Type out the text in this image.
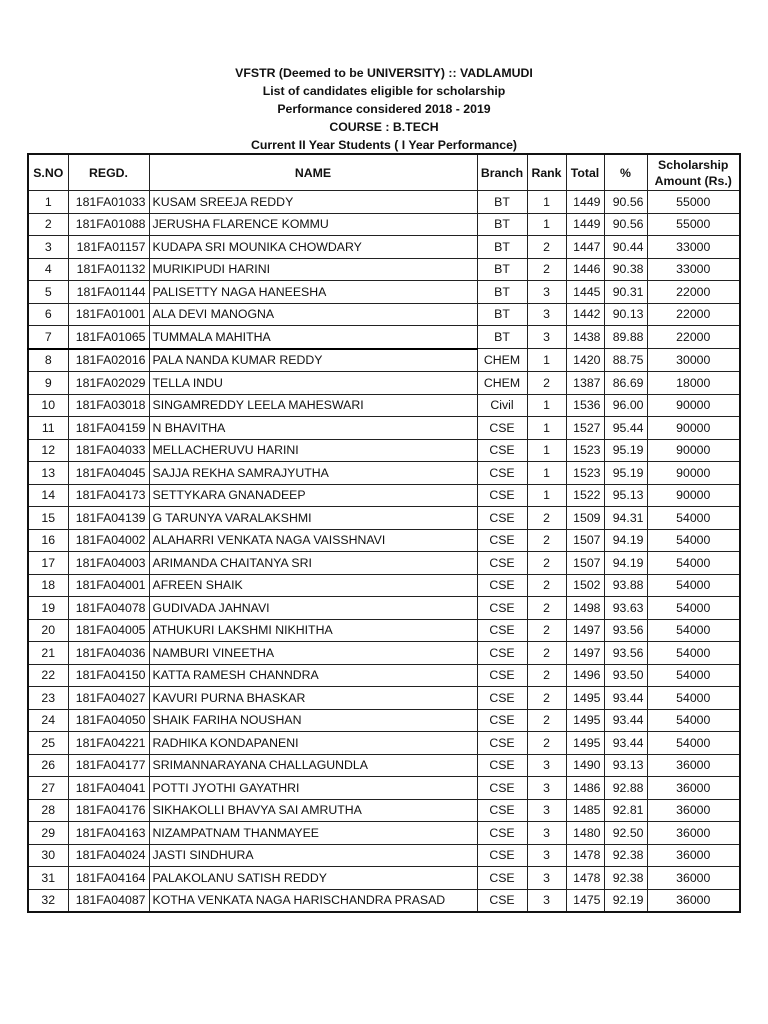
VFSTR (Deemed to be UNIVERSITY) :: VADLAMUDI
List of candidates eligible for scholarship
Performance considered 2018 - 2019
COURSE : B.TECH
Current II Year Students ( I Year Performance)
S.NO	REGD.	NAME	Branch	Rank	Total	%	Scholarship
Amount (Rs.)
1	181FA01033	KUSAM SREEJA REDDY	BT	1	1449	90.56	55000
2	181FA01088	JERUSHA FLARENCE KOMMU	BT	1	1449	90.56	55000
3	181FA01157	KUDAPA SRI MOUNIKA CHOWDARY	BT	2	1447	90.44	33000
4	181FA01132	MURIKIPUDI HARINI	BT	2	1446	90.38	33000
5	181FA01144	PALISETTY NAGA HANEESHA	BT	3	1445	90.31	22000
6	181FA01001	ALA DEVI MANOGNA	BT	3	1442	90.13	22000
7	181FA01065	TUMMALA MAHITHA	BT	3	1438	89.88	22000
8	181FA02016	PALA NANDA KUMAR REDDY	CHEM	1	1420	88.75	30000
9	181FA02029	TELLA INDU	CHEM	2	1387	86.69	18000
10	181FA03018	SINGAMREDDY LEELA MAHESWARI	Civil	1	1536	96.00	90000
11	181FA04159	N BHAVITHA	CSE	1	1527	95.44	90000
12	181FA04033	MELLACHERUVU HARINI	CSE	1	1523	95.19	90000
13	181FA04045	SAJJA REKHA SAMRAJYUTHA	CSE	1	1523	95.19	90000
14	181FA04173	SETTYKARA GNANADEEP	CSE	1	1522	95.13	90000
15	181FA04139	G TARUNYA VARALAKSHMI	CSE	2	1509	94.31	54000
16	181FA04002	ALAHARRI VENKATA NAGA VAISSHNAVI	CSE	2	1507	94.19	54000
17	181FA04003	ARIMANDA CHAITANYA SRI	CSE	2	1507	94.19	54000
18	181FA04001	AFREEN SHAIK	CSE	2	1502	93.88	54000
19	181FA04078	GUDIVADA JAHNAVI	CSE	2	1498	93.63	54000
20	181FA04005	ATHUKURI LAKSHMI NIKHITHA	CSE	2	1497	93.56	54000
21	181FA04036	NAMBURI VINEETHA	CSE	2	1497	93.56	54000
22	181FA04150	KATTA RAMESH CHANNDRA	CSE	2	1496	93.50	54000
23	181FA04027	KAVURI PURNA BHASKAR	CSE	2	1495	93.44	54000
24	181FA04050	SHAIK FARIHA NOUSHAN	CSE	2	1495	93.44	54000
25	181FA04221	RADHIKA KONDAPANENI	CSE	2	1495	93.44	54000
26	181FA04177	SRIMANNARAYANA CHALLAGUNDLA	CSE	3	1490	93.13	36000
27	181FA04041	POTTI JYOTHI GAYATHRI	CSE	3	1486	92.88	36000
28	181FA04176	SIKHAKOLLI BHAVYA SAI AMRUTHA	CSE	3	1485	92.81	36000
29	181FA04163	NIZAMPATNAM THANMAYEE	CSE	3	1480	92.50	36000
30	181FA04024	JASTI SINDHURA	CSE	3	1478	92.38	36000
31	181FA04164	PALAKOLANU SATISH REDDY	CSE	3	1478	92.38	36000
32	181FA04087	KOTHA VENKATA NAGA HARISCHANDRA PRASAD	CSE	3	1475	92.19	36000
